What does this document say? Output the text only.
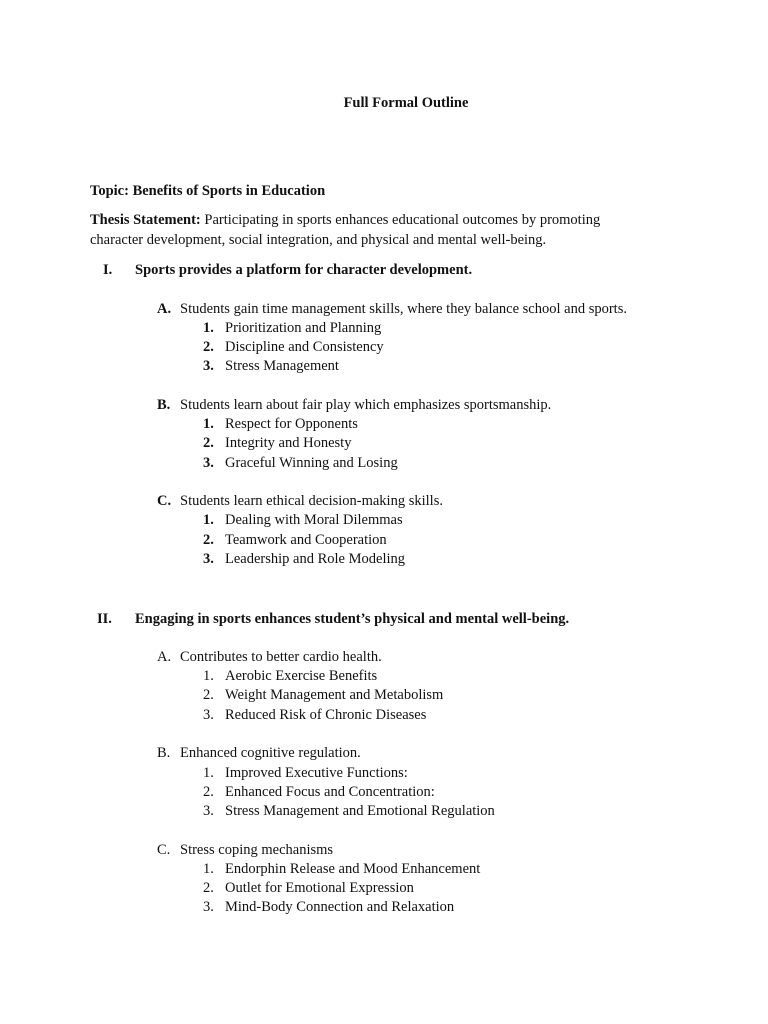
Full Formal Outline
Topic: Benefits of Sports in Education
Thesis Statement: Participating in sports enhances educational outcomes by promoting
character development, social integration, and physical and mental well-being.
I. Sports provides a platform for character development.
A. Students gain time management skills, where they balance school and sports.
1. Prioritization and Planning
2. Discipline and Consistency
3. Stress Management
B. Students learn about fair play which emphasizes sportsmanship.
1. Respect for Opponents
2. Integrity and Honesty
3. Graceful Winning and Losing
C. Students learn ethical decision-making skills.
1. Dealing with Moral Dilemmas
2. Teamwork and Cooperation
3. Leadership and Role Modeling
II. Engaging in sports enhances student’s physical and mental well-being.
A. Contributes to better cardio health.
1. Aerobic Exercise Benefits
2. Weight Management and Metabolism
3. Reduced Risk of Chronic Diseases
B. Enhanced cognitive regulation.
1. Improved Executive Functions:
2. Enhanced Focus and Concentration:
3. Stress Management and Emotional Regulation
C. Stress coping mechanisms
1. Endorphin Release and Mood Enhancement
2. Outlet for Emotional Expression
3. Mind-Body Connection and Relaxation
